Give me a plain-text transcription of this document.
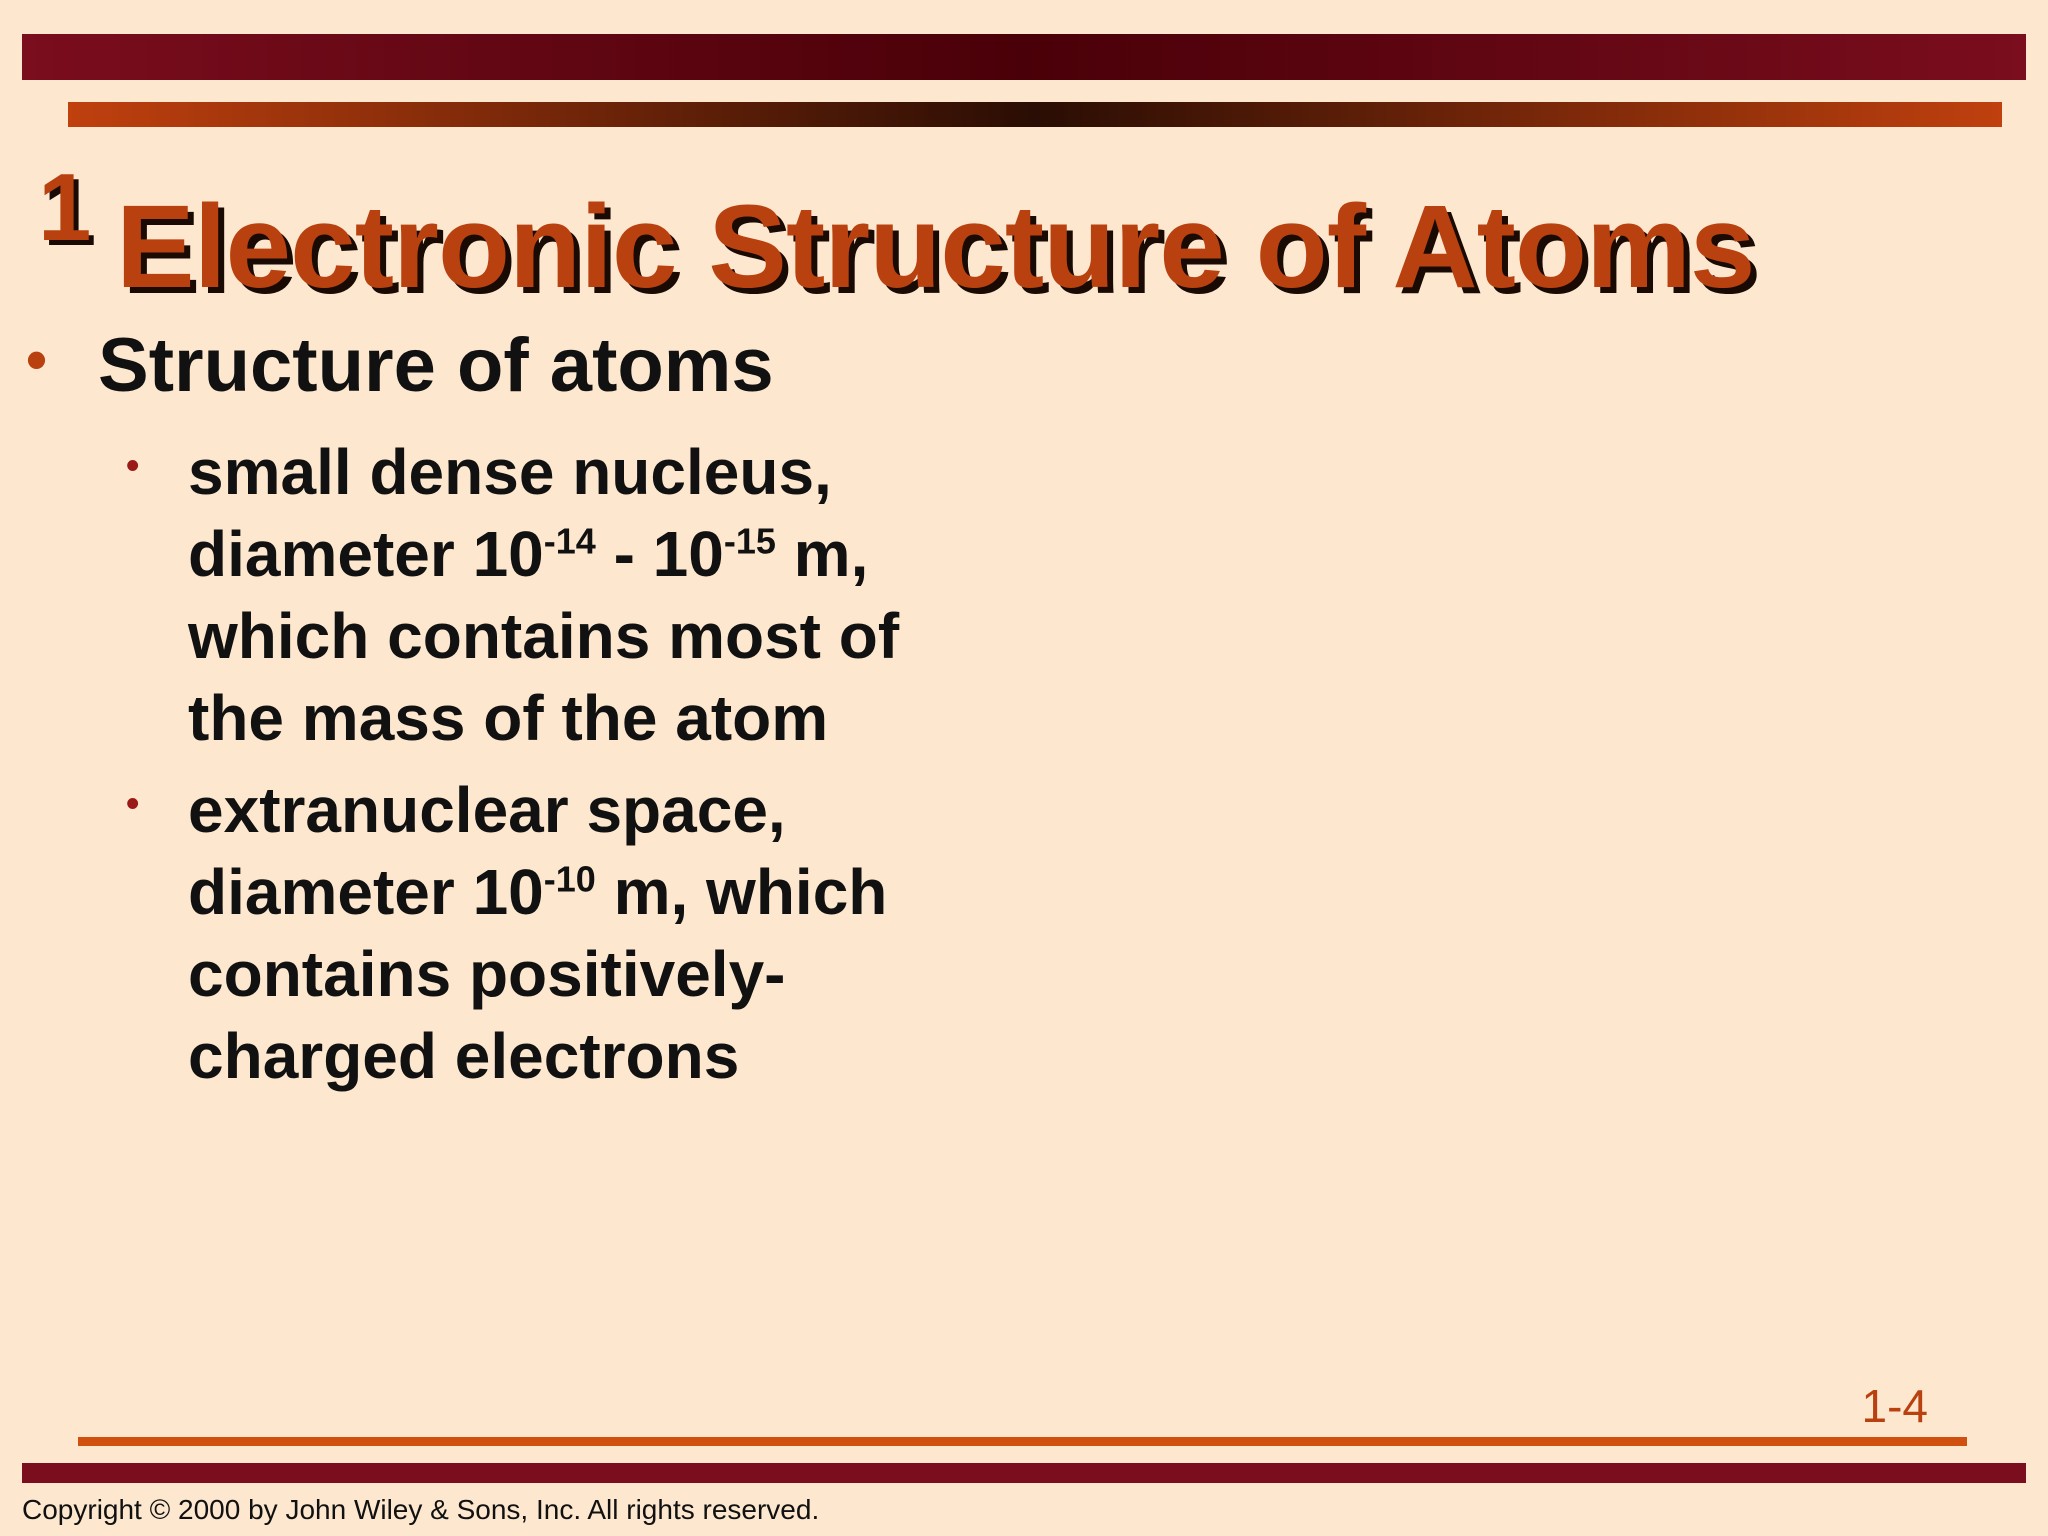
1 Electronic Structure of Atoms
• Structure of atoms
• small dense nucleus,
diameter $10^{-14} - 10^{-15}$ m,
which contains most of
the mass of the atom
• extranuclear space,
diameter $10^{-10}$ m, which
contains positively-
charged electrons
1-4
Copyright © 2000 by John Wiley & Sons, Inc. All rights reserved.
